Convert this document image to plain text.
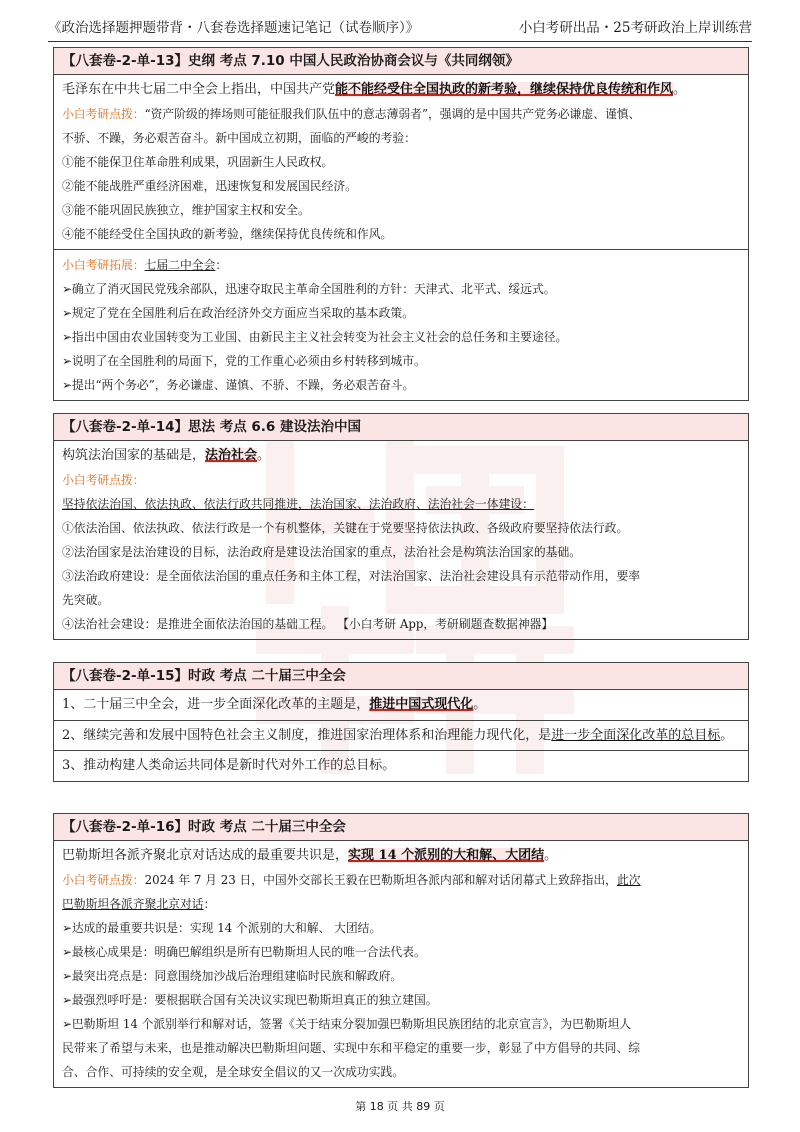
《政治选择题押题带背・八套卷选择题速记笔记（试卷顺序）》	小白考研出品・25考研政治上岸训练营
【八套卷-2-单-13】史纲 考点 7.10 中国人民政治协商会议与《共同纲领》
毛泽东在中共七届二中全会上指出，中国共产党能不能经受住全国执政的新考验，继续保持优良传统和作风。
小白考研点拨：“资产阶级的捧场则可能征服我们队伍中的意志薄弱者”，强调的是中国共产党务必谦虚、谨慎、
不骄、不躁，务必艰苦奋斗。新中国成立初期，面临的严峻的考验：
①能不能保卫住革命胜利成果，巩固新生人民政权。
②能不能战胜严重经济困难，迅速恢复和发展国民经济。
③能不能巩固民族独立，维护国家主权和安全。
④能不能经受住全国执政的新考验，继续保持优良传统和作风。
小白考研拓展：七届二中全会：
➢确立了消灭国民党残余部队，迅速夺取民主革命全国胜利的方针：天津式、北平式、绥远式。
➢规定了党在全国胜利后在政治经济外交方面应当采取的基本政策。
➢指出中国由农业国转变为工业国、由新民主主义社会转变为社会主义社会的总任务和主要途径。
➢说明了在全国胜利的局面下，党的工作重心必须由乡村转移到城市。
➢提出“两个务必”，务必谦虚、谨慎、不骄、不躁，务必艰苦奋斗。
【八套卷-2-单-14】思法 考点 6.6 建设法治中国
构筑法治国家的基础是，法治社会。
小白考研点拨：
坚持依法治国、依法执政、依法行政共同推进，法治国家、法治政府、法治社会一体建设：
①依法治国、依法执政、依法行政是一个有机整体，关键在于党要坚持依法执政、各级政府要坚持依法行政。
②法治国家是法治建设的目标，法治政府是建设法治国家的重点，法治社会是构筑法治国家的基础。
③法治政府建设：是全面依法治国的重点任务和主体工程，对法治国家、法治社会建设具有示范带动作用，要率
先突破。
④法治社会建设：是推进全面依法治国的基础工程。 【小白考研 App，考研刷题查数据神器】
【八套卷-2-单-15】时政 考点 二十届三中全会
1、二十届三中全会，进一步全面深化改革的主题是，推进中国式现代化。
2、继续完善和发展中国特色社会主义制度，推进国家治理体系和治理能力现代化，是进一步全面深化改革的总目标。
3、推动构建人类命运共同体是新时代对外工作的总目标。
【八套卷-2-单-16】时政 考点 二十届三中全会
巴勒斯坦各派齐聚北京对话达成的最重要共识是，实现 14 个派别的大和解、大团结。
小白考研点拨：2024 年 7 月 23 日，中国外交部长王毅在巴勒斯坦各派内部和解对话闭幕式上致辞指出，此次
巴勒斯坦各派齐聚北京对话：
➢达成的最重要共识是：实现 14 个派别的大和解、 大团结。
➢最核心成果是：明确巴解组织是所有巴勒斯坦人民的唯一合法代表。
➢最突出亮点是：同意围绕加沙战后治理组建临时民族和解政府。
➢最强烈呼吁是：要根据联合国有关决议实现巴勒斯坦真正的独立建国。
➢巴勒斯坦 14 个派别举行和解对话，签署《关于结束分裂加强巴勒斯坦民族团结的北京宣言》，为巴勒斯坦人
民带来了希望与未来，也是推动解决巴勒斯坦问题、实现中东和平稳定的重要一步，彰显了中方倡导的共同、综
合、合作、可持续的安全观，是全球安全倡议的又一次成功实践。
第 18 页 共 89 页
